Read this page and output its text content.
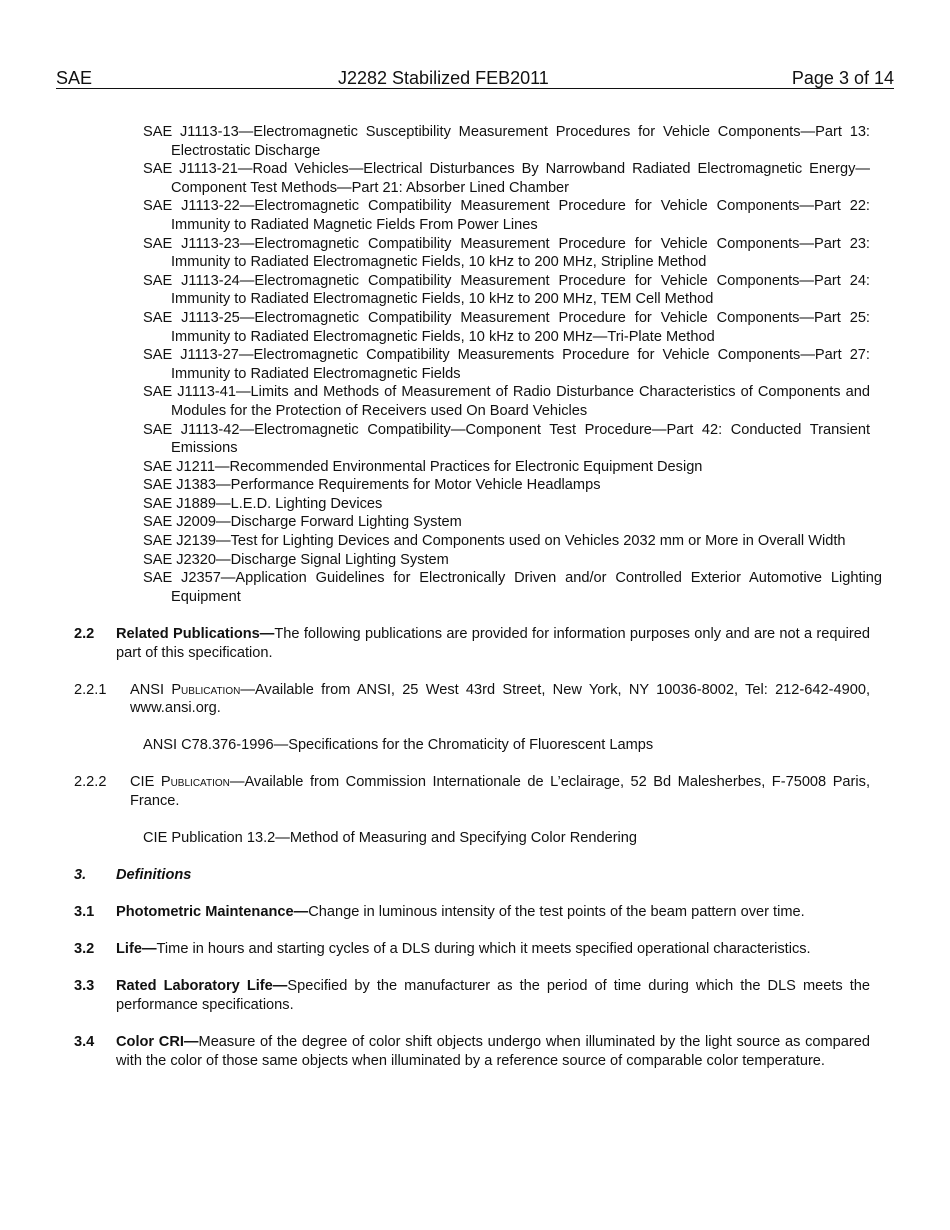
SAE	J2282 Stabilized FEB2011	Page 3 of 14

SAE J1113-13—Electromagnetic Susceptibility Measurement Procedures for Vehicle Components—Part 13: Electrostatic Discharge

SAE J1113-21—Road Vehicles—Electrical Disturbances By Narrowband Radiated Electromagnetic Energy—Component Test Methods—Part 21: Absorber Lined Chamber

SAE J1113-22—Electromagnetic Compatibility Measurement Procedure for Vehicle Components—Part 22: Immunity to Radiated Magnetic Fields From Power Lines

SAE J1113-23—Electromagnetic Compatibility Measurement Procedure for Vehicle Components—Part 23: Immunity to Radiated Electromagnetic Fields, 10 kHz to 200 MHz, Stripline Method

SAE J1113-24—Electromagnetic Compatibility Measurement Procedure for Vehicle Components—Part 24: Immunity to Radiated Electromagnetic Fields, 10 kHz to 200 MHz, TEM Cell Method

SAE J1113-25—Electromagnetic Compatibility Measurement Procedure for Vehicle Components—Part 25: Immunity to Radiated Electromagnetic Fields, 10 kHz to 200 MHz—Tri-Plate Method

SAE J1113-27—Electromagnetic Compatibility Measurements Procedure for Vehicle Components—Part 27: Immunity to Radiated Electromagnetic Fields

SAE J1113-41—Limits and Methods of Measurement of Radio Disturbance Characteristics of Components and Modules for the Protection of Receivers used On Board Vehicles

SAE J1113-42—Electromagnetic Compatibility—Component Test Procedure—Part 42: Conducted Transient Emissions

SAE J1211—Recommended Environmental Practices for Electronic Equipment Design

SAE J1383—Performance Requirements for Motor Vehicle Headlamps

SAE J1889—L.E.D. Lighting Devices

SAE J2009—Discharge Forward Lighting System

SAE J2139—Test for Lighting Devices and Components used on Vehicles 2032 mm or More in Overall Width

SAE J2320—Discharge Signal Lighting System

SAE J2357—Application Guidelines for Electronically Driven and/or Controlled Exterior Automotive Lighting Equipment

2.2 Related Publications—The following publications are provided for information purposes only and are not a required part of this specification.

2.2.1 ANSI Publication—Available from ANSI, 25 West 43rd Street, New York, NY 10036-8002, Tel: 212-642-4900, www.ansi.org.

ANSI C78.376-1996—Specifications for the Chromaticity of Fluorescent Lamps

2.2.2 CIE Publication—Available from Commission Internationale de L’eclairage, 52 Bd Malesherbes, F-75008 Paris, France.

CIE Publication 13.2—Method of Measuring and Specifying Color Rendering

3. Definitions

3.1 Photometric Maintenance—Change in luminous intensity of the test points of the beam pattern over time.

3.2 Life—Time in hours and starting cycles of a DLS during which it meets specified operational characteristics.

3.3 Rated Laboratory Life—Specified by the manufacturer as the period of time during which the DLS meets the performance specifications.

3.4 Color CRI—Measure of the degree of color shift objects undergo when illuminated by the light source as compared with the color of those same objects when illuminated by a reference source of comparable color temperature.
